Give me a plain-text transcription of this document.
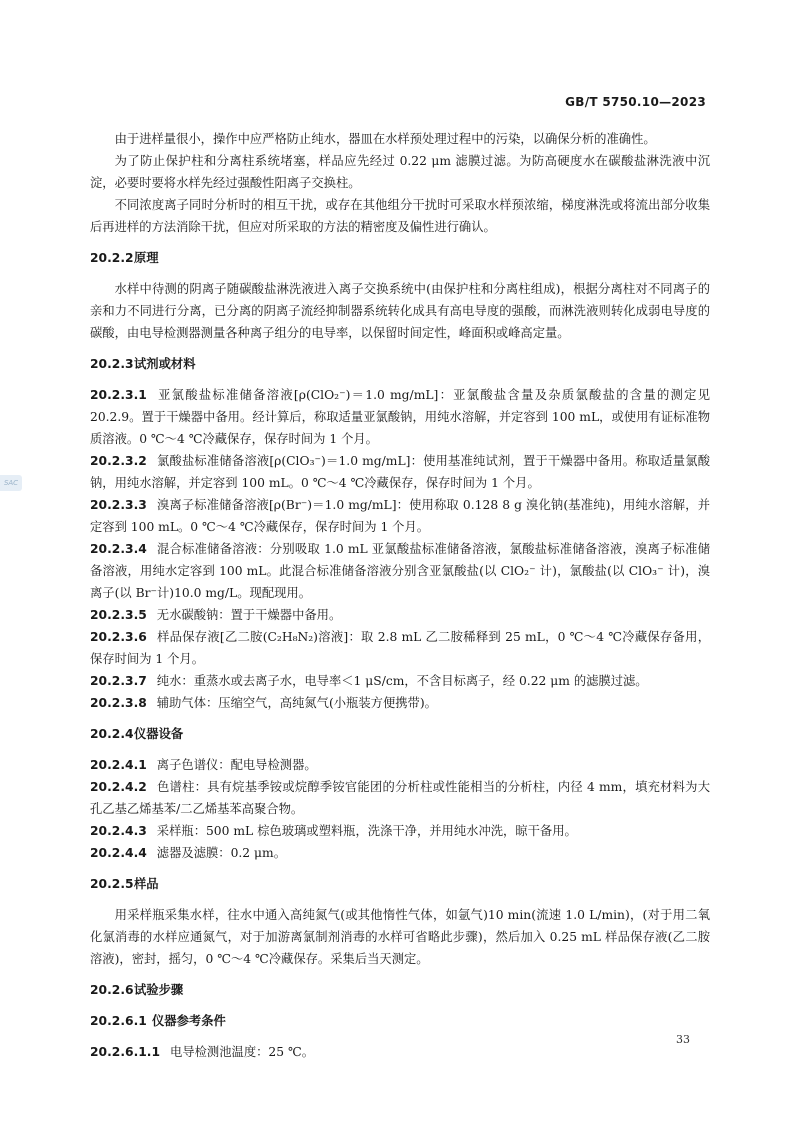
GB/T 5750.10—2023
SAC

由于进样量很小，操作中应严格防止纯水，器皿在水样预处理过程中的污染，以确保分析的准确性。

为了防止保护柱和分离柱系统堵塞，样品应先经过 0.22 μm 滤膜过滤。为防高硬度水在碳酸盐淋洗液中沉淀，必要时要将水样先经过强酸性阳离子交换柱。

不同浓度离子同时分析时的相互干扰，或存在其他组分干扰时可采取水样预浓缩，梯度淋洗或将流出部分收集后再进样的方法消除干扰，但应对所采取的方法的精密度及偏性进行确认。

20.2.2原理

水样中待测的阴离子随碳酸盐淋洗液进入离子交换系统中(由保护柱和分离柱组成)，根据分离柱对不同离子的亲和力不同进行分离，已分离的阴离子流经抑制器系统转化成具有高电导度的强酸，而淋洗液则转化成弱电导度的碳酸，由电导检测器测量各种离子组分的电导率，以保留时间定性，峰面积或峰高定量。

20.2.3试剂或材料
20.2.3.1 亚氯酸盐标准储备溶液[ρ(ClO₂⁻)＝1.0 mg/mL]：亚氯酸盐含量及杂质氯酸盐的含量的测定见 20.2.9。置于干燥器中备用。经计算后，称取适量亚氯酸钠，用纯水溶解，并定容到 100 mL，或使用有证标准物质溶液。0 ℃～4 ℃冷藏保存，保存时间为 1 个月。
20.2.3.2 氯酸盐标准储备溶液[ρ(ClO₃⁻)＝1.0 mg/mL]：使用基准纯试剂，置于干燥器中备用。称取适量氯酸钠，用纯水溶解，并定容到 100 mL。0 ℃～4 ℃冷藏保存，保存时间为 1 个月。
20.2.3.3 溴离子标准储备溶液[ρ(Br⁻)＝1.0 mg/mL]：使用称取 0.128 8 g 溴化钠(基准纯)，用纯水溶解，并定容到 100 mL。0 ℃～4 ℃冷藏保存，保存时间为 1 个月。
20.2.3.4 混合标准储备溶液：分别吸取 1.0 mL 亚氯酸盐标准储备溶液，氯酸盐标准储备溶液，溴离子标准储备溶液，用纯水定容到 100 mL。此混合标准储备溶液分别含亚氯酸盐(以 ClO₂⁻ 计)，氯酸盐(以 ClO₃⁻ 计)，溴离子(以 Br⁻计)10.0 mg/L。现配现用。
20.2.3.5 无水碳酸钠：置于干燥器中备用。
20.2.3.6 样品保存液[乙二胺(C₂H₈N₂)溶液]：取 2.8 mL 乙二胺稀释到 25 mL，0 ℃～4 ℃冷藏保存备用，保存时间为 1 个月。
20.2.3.7 纯水：重蒸水或去离子水，电导率＜1 μS/cm，不含目标离子，经 0.22 μm 的滤膜过滤。
20.2.3.8 辅助气体：压缩空气，高纯氮气(小瓶装方便携带)。
20.2.4仪器设备
20.2.4.1 离子色谱仪：配电导检测器。
20.2.4.2 色谱柱：具有烷基季铵或烷醇季铵官能团的分析柱或性能相当的分析柱，内径 4 mm，填充材料为大孔乙基乙烯基苯/二乙烯基苯高聚合物。
20.2.4.3 采样瓶：500 mL 棕色玻璃或塑料瓶，洗涤干净，并用纯水冲洗，晾干备用。
20.2.4.4 滤器及滤膜：0.2 μm。
20.2.5样品

用采样瓶采集水样，往水中通入高纯氮气(或其他惰性气体，如氩气)10 min(流速 1.0 L/min)，(对于用二氧化氯消毒的水样应通氮气，对于加游离氯制剂消毒的水样可省略此步骤)，然后加入 0.25 mL 样品保存液(乙二胺溶液)，密封，摇匀，0 ℃～4 ℃冷藏保存。采集后当天测定。

20.2.6试验步骤
20.2.6.1 仪器参考条件
20.2.6.1.1 电导检测池温度：25 ℃。
33
